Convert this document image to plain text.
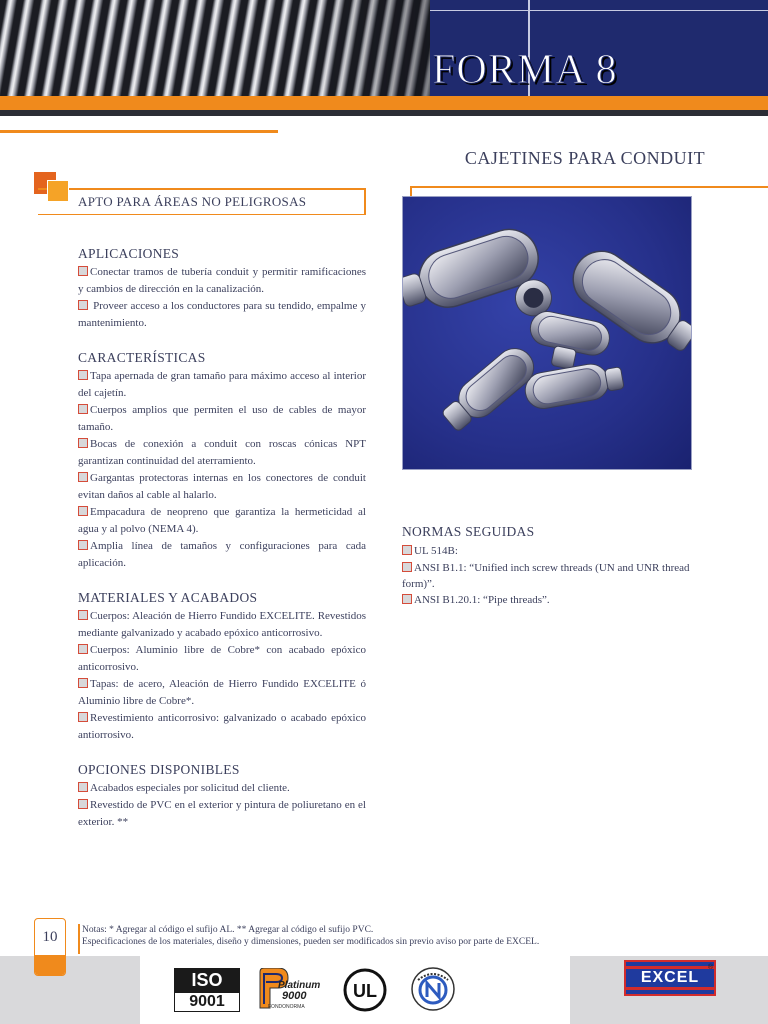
FORMA 8
CAJETINES PARA CONDUIT
APTO PARA ÁREAS NO PELIGROSAS
APLICACIONES
Conectar tramos de tubería conduit y permitir ramificaciones y cambios de dirección en la canalización.
Proveer acceso a los conductores para su tendido, empalme y mantenimiento.
CARACTERÍSTICAS
Tapa apernada de gran tamaño para máximo acceso al interior del cajetín.
Cuerpos amplios que permiten el uso de cables de mayor tamaño.
Bocas de conexión a conduit con roscas cónicas NPT garantizan continuidad del aterramiento.
Gargantas protectoras internas en los conectores de conduit evitan daños al cable al halarlo.
Empacadura de neopreno que garantiza la hermeticidad al agua y al polvo (NEMA 4).
Amplia línea de tamaños y configuraciones para cada aplicación.
MATERIALES Y ACABADOS
Cuerpos: Aleación de Hierro Fundido EXCELITE. Revestidos mediante galvanizado y acabado epóxico anticorrosivo.
Cuerpos: Aluminio libre de Cobre* con acabado epóxico anticorrosivo.
Tapas: de acero, Aleación de Hierro Fundido EXCELITE ó Aluminio libre de Cobre*.
Revestimiento anticorrosivo: galvanizado o acabado epóxico antiorrosivo.
OPCIONES DISPONIBLES
Acabados especiales por solicitud del cliente.
Revestido de PVC en el exterior y pintura de poliuretano en el exterior. **
NORMAS SEGUIDAS
UL 514B:
ANSI B1.1: “Unified inch screw threads (UN and UNR thread form)”.
ANSI B1.20.1: “Pipe threads”.
Notas: * Agregar al código el sufijo AL. ** Agregar al código el sufijo PVC.
Especificaciones de los materiales, diseño y dimensiones, pueden ser modificados sin previo aviso por parte de EXCEL.
10
ISO
9001
Platinum
9000
FONDONORMA
UL
EXCEL
®
